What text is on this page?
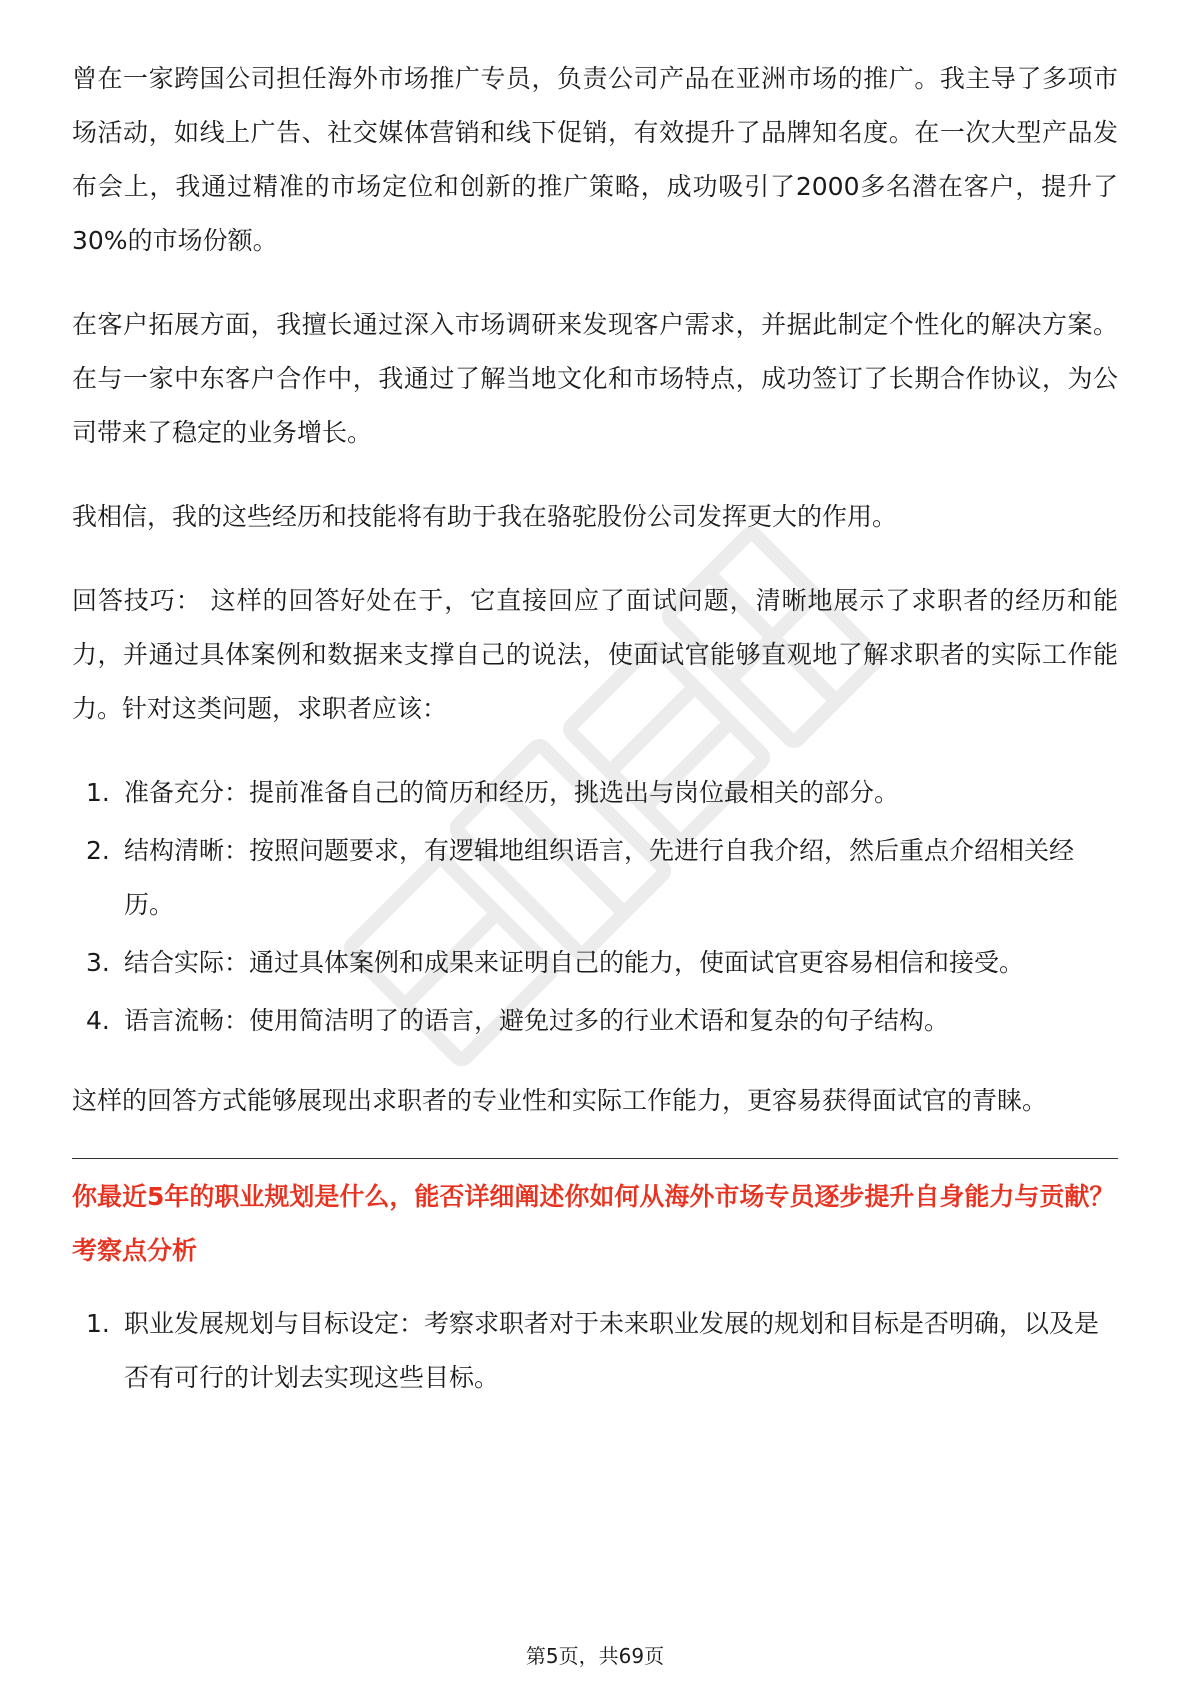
曾在一家跨国公司担任海外市场推广专员，负责公司产品在亚洲市场的推广。我主导了多项市场活动，如线上广告、社交媒体营销和线下促销，有效提升了品牌知名度。在一次大型产品发布会上，我通过精准的市场定位和创新的推广策略，成功吸引了2000多名潜在客户，提升了30%的市场份额。

在客户拓展方面，我擅长通过深入市场调研来发现客户需求，并据此制定个性化的解决方案。在与一家中东客户合作中，我通过了解当地文化和市场特点，成功签订了长期合作协议，为公司带来了稳定的业务增长。

我相信，我的这些经历和技能将有助于我在骆驼股份公司发挥更大的作用。

回答技巧： 这样的回答好处在于，它直接回应了面试问题，清晰地展示了求职者的经历和能力，并通过具体案例和数据来支撑自己的说法，使面试官能够直观地了解求职者的实际工作能力。针对这类问题，求职者应该：

1. 准备充分：提前准备自己的简历和经历，挑选出与岗位最相关的部分。
2. 结构清晰：按照问题要求，有逻辑地组织语言，先进行自我介绍，然后重点介绍相关经历。
3. 结合实际：通过具体案例和成果来证明自己的能力，使面试官更容易相信和接受。
4. 语言流畅：使用简洁明了的语言，避免过多的行业术语和复杂的句子结构。

这样的回答方式能够展现出求职者的专业性和实际工作能力，更容易获得面试官的青睐。

你最近5年的职业规划是什么，能否详细阐述你如何从海外市场专员逐步提升自身能力与贡献？

考察点分析

1. 职业发展规划与目标设定：考察求职者对于未来职业发展的规划和目标是否明确，以及是否有可行的计划去实现这些目标。
第5页，共69页
